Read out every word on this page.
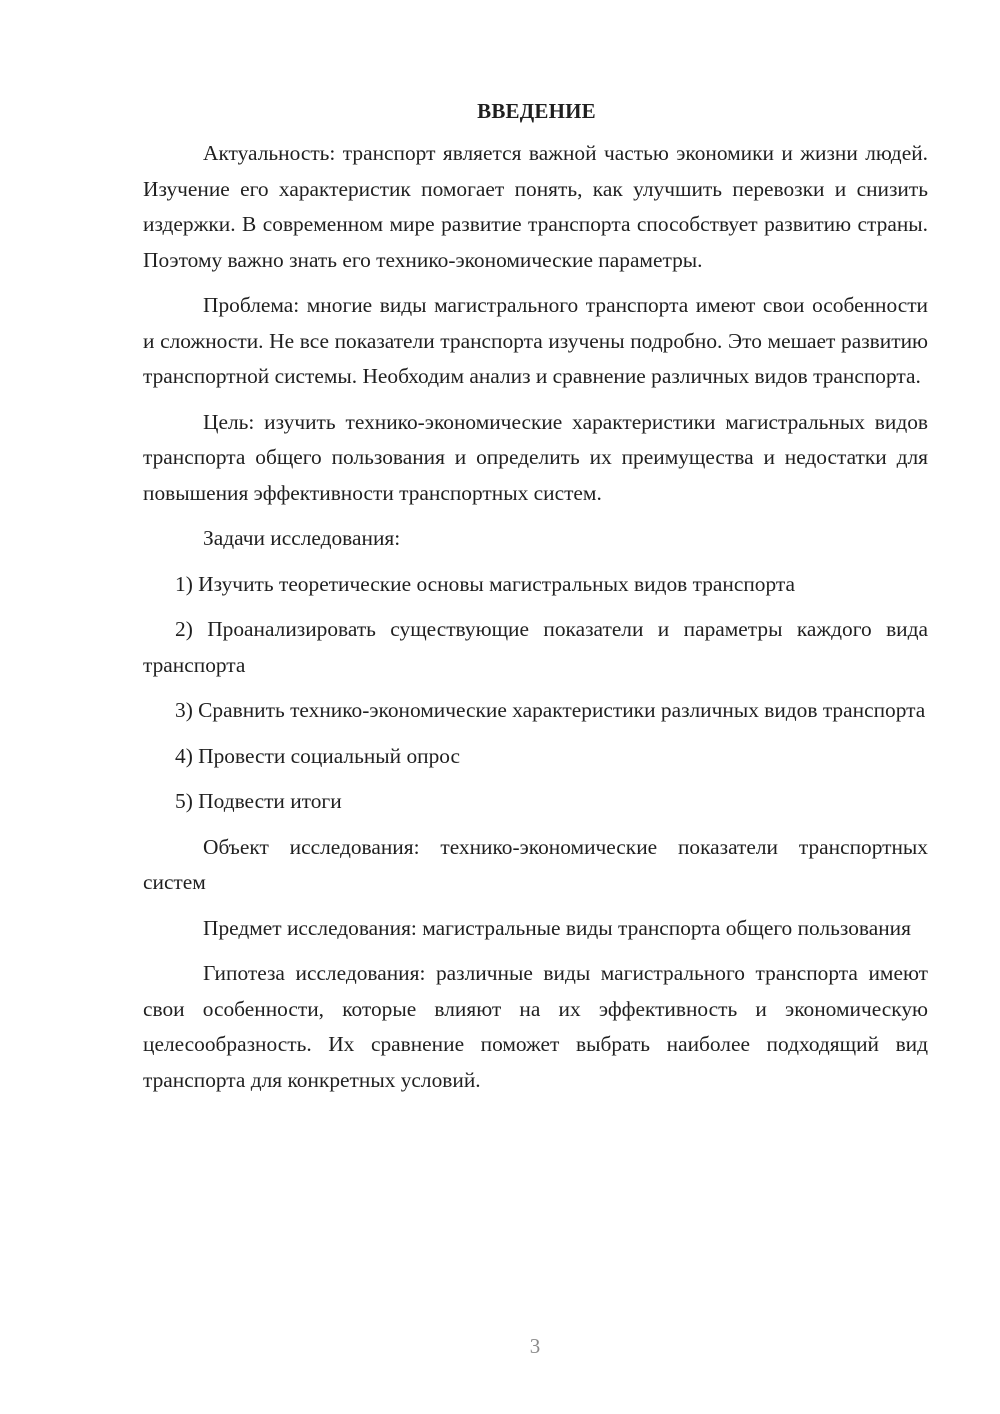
ВВЕДЕНИЕ

Актуальность: транспорт является важной частью экономики и жизни людей. Изучение его характеристик помогает понять, как улучшить перевозки и снизить издержки. В современном мире развитие транспорта способствует развитию страны. Поэтому важно знать его технико-экономические параметры.

Проблема: многие виды магистрального транспорта имеют свои особенности и сложности. Не все показатели транспорта изучены подробно. Это мешает развитию транспортной системы. Необходим анализ и сравнение различных видов транспорта.

Цель: изучить технико-экономические характеристики магистральных видов транспорта общего пользования и определить их преимущества и недостатки для повышения эффективности транспортных систем.

Задачи исследования:

1) Изучить теоретические основы магистральных видов транспорта

2) Проанализировать существующие показатели и параметры каждого вида транспорта

3) Сравнить технико-экономические характеристики различных видов транспорта

4) Провести социальный опрос

5) Подвести итоги

Объект исследования: технико-экономические показатели транспортных систем

Предмет исследования: магистральные виды транспорта общего пользования

Гипотеза исследования: различные виды магистрального транспорта имеют свои особенности, которые влияют на их эффективность и экономическую целесообразность. Их сравнение поможет выбрать наиболее подходящий вид транспорта для конкретных условий.

3
